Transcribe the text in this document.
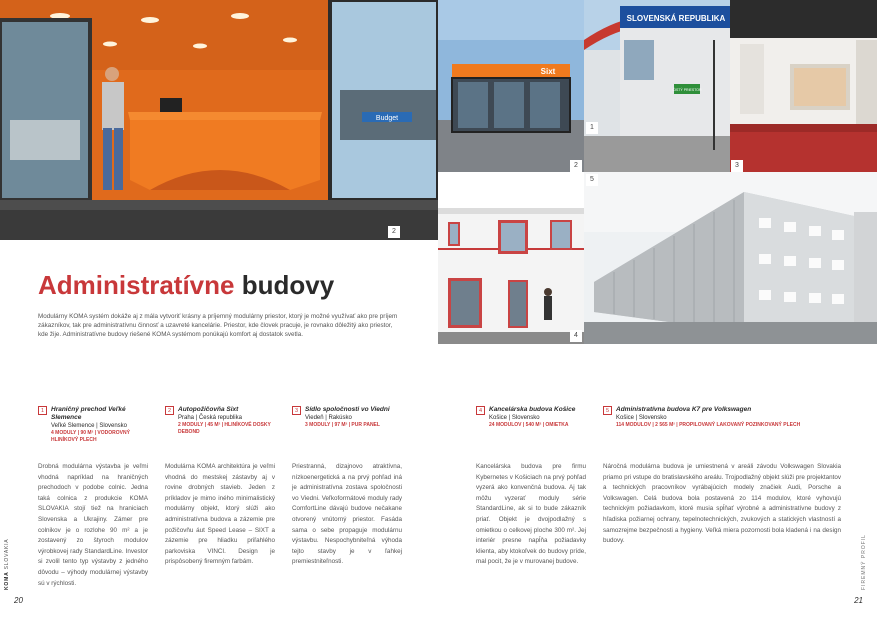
Budget
2
Sixt
2
SLOVENSKÁ REPUBLIKA
ČISTÝ PRIESTOR
1
3
4
5
Administratívne budovy

Modulárny KOMA systém dokáže aj z mála vytvoriť krásny a príjemný modulárny priestor, ktorý je možné využívať ako pre príjem zákazníkov, tak pre administratívnu činnosť a uzavreté kancelárie. Priestor, kde človek pracuje, je rovnako dôležitý ako priestor, kde žije. Administratívne budovy riešené KOMA systémom ponúkajú komfort aj dostatok svetla.

1	Hraničný prechod Veľké Slemence
Veľké Slemence | Slovensko
4 MODULY | 90 M² | VODOROVNÝ HLINÍKOVÝ PLECH
2	Autopožičovňa Sixt
Praha | Česká republika
2 MODULY | 45 M² | HLINÍKOVÉ DOSKY DEBOND
3	Sídlo spoločnosti vo Viedni
Viedeň | Rakúsko
3 MODULY | 97 M² | PUR PANEL
4	Kancelárska budova Košice
Košice | Slovensko
24 MODULOV | 540 M² | OMIETKA
5	Administratívna budova K7 pre Volkswagen
Košice | Slovensko
114 MODULOV | 2 565 M² | PROPILOVANÝ LAKOVANÝ POZINKOVANÝ PLECH

Drobná modulárna výstavba je veľmi vhodná napríklad na hraničných prechodoch v podobe colnic. Jedna taká colnica z produkcie KOMA SLOVAKIA stojí tiež na hraniciach Slovenska a Ukrajiny. Zámer pre colnikov je o rozlohe 90 m² a je zostavený zo štyroch modulov výrobkovej rady StandardLine. Investor si zvolil tento typ výstavby z jedného dôvodu – výhody modulárnej výstavby sú v rýchlosti.

Modulárna KOMA architektúra je veľmi vhodná do mestskej zástavby aj v rovine drobných stavieb. Jeden z príkladov je mimo iného minimalistický modulárny objekt, ktorý slúži ako administratívna budova a zázemie pre požičovňu áut Speed Lease – SIXT a zázemie pre hliadku priľahlého parkoviska VINCI. Design je prispôsobený firemným farbám.

Priestranná, dizajnovo atraktívna, nízkoenergetická a na prvý pohľad iná je administratívna zostava spoločnosti vo Viedni. Veľkoformátové moduly rady ComfortLine dávajú budove nečakane otvorený vnútorný priestor. Fasáda sama o sebe propaguje modulárnu výstavbu. Nespochybniteľná výhoda tejto stavby je v ľahkej premiestniteľnosti.

Kancelárska budova pre firmu Kybernetes v Košiciach na prvý pohľad vyzerá ako konvenčná budova. Aj tak môžu vyzerať moduly série StandardLine, ak si to bude zákazník priať. Objekt je dvojpodlažný s omietkou o celkovej ploche 300 m². Jej interiér presne napĺňa požiadavky klienta, aby ktokoľvek do budovy príde, mal pocit, že je v murovanej budove.

Náročná modulárna budova je umiestnená v areáli závodu Volkswagen Slovakia priamo pri vstupe do bratislavského areálu. Trojpodlažný objekt slúži pre projektantov a technických pracovníkov vyrábajúcich modely značiek Audi, Porsche a Volkswagen. Celá budova bola postavená zo 114 modulov, ktoré vyhovujú technickým požiadavkom, ktoré musia spĺňať výrobné a administratívne budovy z hľadiska požiarnej ochrany, tepelnotechnických, zvukových a statických vlastností a samozrejme bezpečnosti a hygieny. Veľká miera pozornosti bola kladená i na design budovy.

KOMA SLOVAKIA	FIREMNÝ PROFIL
20	21
